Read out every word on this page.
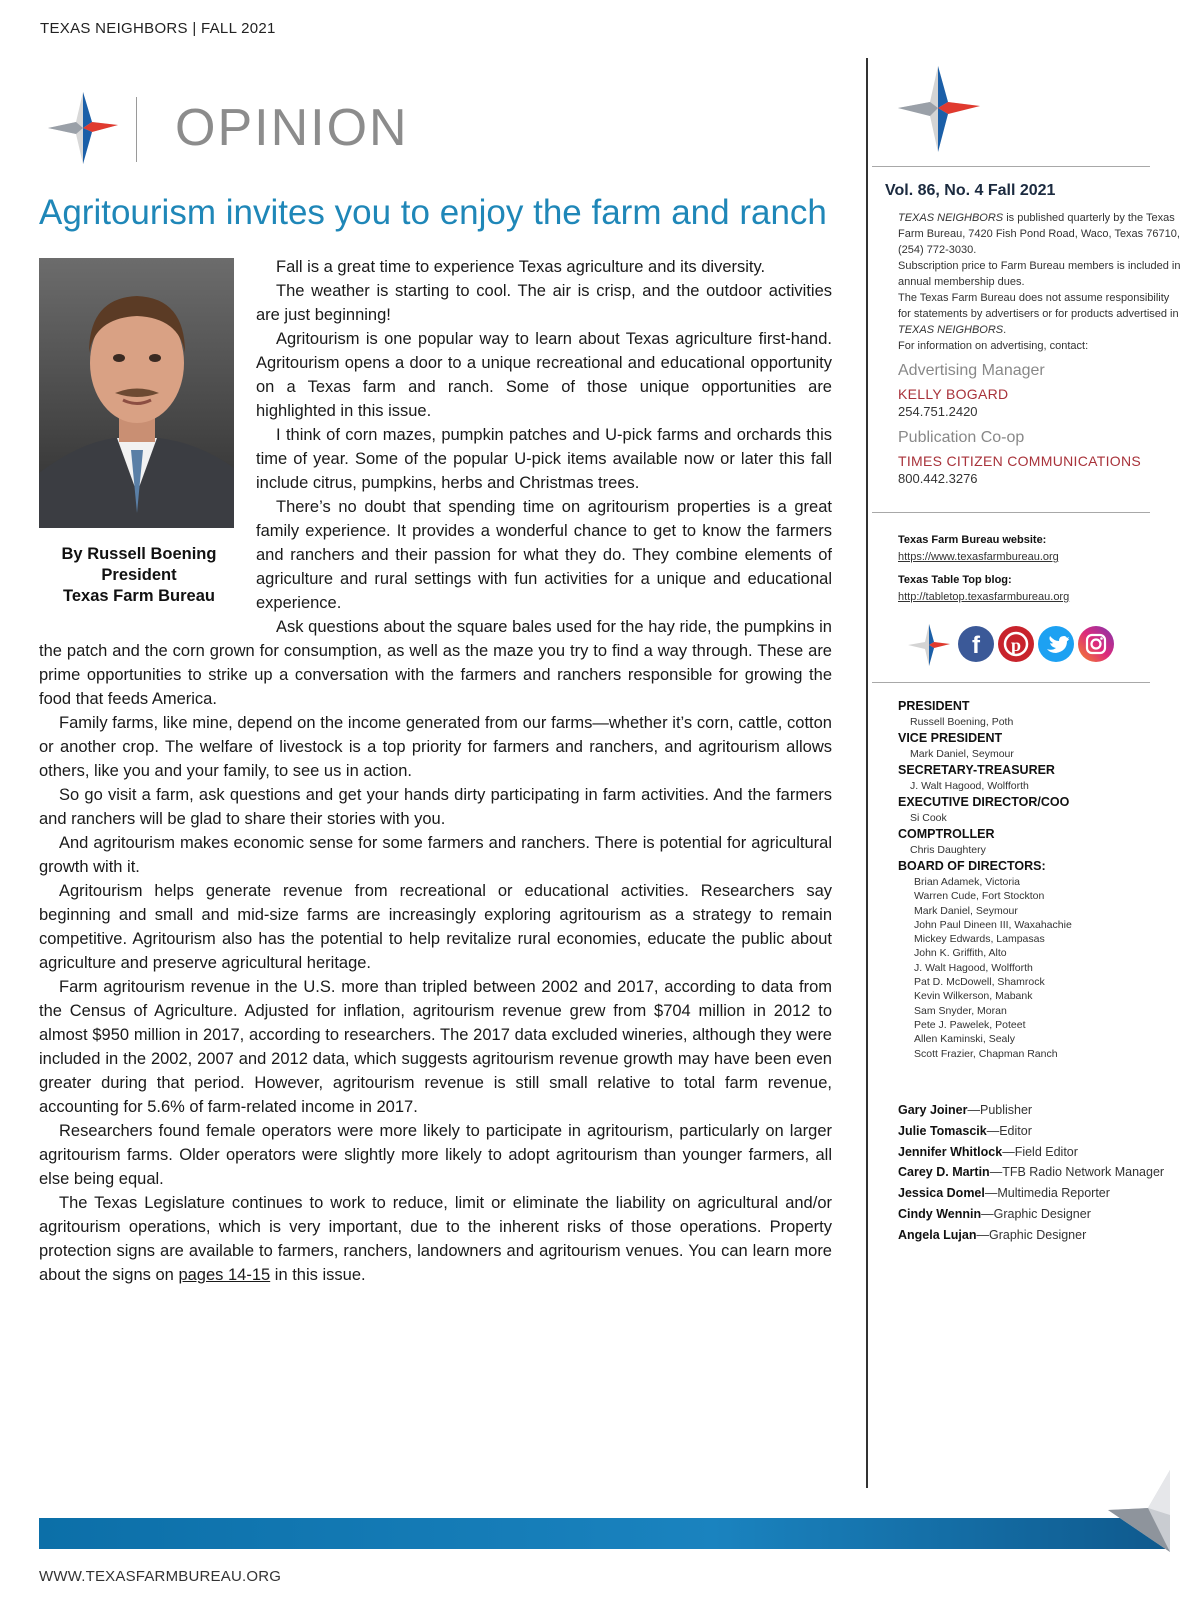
TEXAS NEIGHBORS | FALL 2021
OPINION
Agritourism invites you to enjoy the farm and ranch
By Russell Boening
President
Texas Farm Bureau

Fall is a great time to experience Texas agriculture and its diversity.

The weather is starting to cool. The air is crisp, and the outdoor activities are just beginning!

Agritourism is one popular way to learn about Texas agriculture first-hand. Agritourism opens a door to a unique recreational and educational opportunity on a Texas farm and ranch. Some of those unique opportunities are highlighted in this issue.

I think of corn mazes, pumpkin patches and U-pick farms and orchards this time of year. Some of the popular U-pick items available now or later this fall include citrus, pumpkins, herbs and Christmas trees.

There’s no doubt that spending time on agritourism properties is a great family experience. It provides a wonderful chance to get to know the farmers and ranchers and their passion for what they do. They combine elements of agriculture and rural settings with fun activities for a unique and educational experience.

Ask questions about the square bales used for the hay ride, the pumpkins in the patch and the corn grown for consumption, as well as the maze you try to find a way through. These are prime opportunities to strike up a conversation with the farmers and ranchers responsible for growing the food that feeds America.

Family farms, like mine, depend on the income generated from our farms—whether it’s corn, cattle, cotton or another crop. The welfare of livestock is a top priority for farmers and ranchers, and agritourism allows others, like you and your family, to see us in action.

So go visit a farm, ask questions and get your hands dirty participating in farm activities. And the farmers and ranchers will be glad to share their stories with you.

And agritourism makes economic sense for some farmers and ranchers. There is potential for agricultural growth with it.

Agritourism helps generate revenue from recreational or educational activities. Researchers say beginning and small and mid-size farms are increasingly exploring agritourism as a strategy to remain competitive. Agritourism also has the potential to help revitalize rural economies, educate the public about agriculture and preserve agricultural heritage.

Farm agritourism revenue in the U.S. more than tripled between 2002 and 2017, according to data from the Census of Agriculture. Adjusted for inflation, agritourism revenue grew from $704 million in 2012 to almost $950 million in 2017, according to researchers. The 2017 data excluded wineries, although they were included in the 2002, 2007 and 2012 data, which suggests agritourism revenue growth may have been even greater during that period. However, agritourism revenue is still small relative to total farm revenue, accounting for 5.6% of farm-related income in 2017.

Researchers found female operators were more likely to participate in agritourism, particularly on larger agritourism farms. Older operators were slightly more likely to adopt agritourism than younger farmers, all else being equal.

The Texas Legislature continues to work to reduce, limit or eliminate the liability on agricultural and/or agritourism operations, which is very important, due to the inherent risks of those operations. Property protection signs are available to farmers, ranchers, landowners and agritourism venues. You can learn more about the signs on pages 14-15 in this issue.

Vol. 86, No. 4 Fall 2021
TEXAS NEIGHBORS is published quarterly by the Texas Farm Bureau, 7420 Fish Pond Road, Waco, Texas 76710, (254) 772-3030.
Subscription price to Farm Bureau members is included in annual membership dues.
The Texas Farm Bureau does not assume responsibility for statements by advertisers or for products advertised in TEXAS NEIGHBORS.
For information on advertising, contact:
Advertising Manager
KELLY BOGARD
254.751.2420
Publication Co-op
TIMES CITIZEN COMMUNICATIONS
800.442.3276
Texas Farm Bureau website:
https://www.texasfarmbureau.org
Texas Table Top blog:
http://tabletop.texasfarmbureau.org
f p
PRESIDENT
Russell Boening, Poth
VICE PRESIDENT
Mark Daniel, Seymour
SECRETARY-TREASURER
J. Walt Hagood, Wolfforth
EXECUTIVE DIRECTOR/COO
Si Cook
COMPTROLLER
Chris Daughtery
BOARD OF DIRECTORS:
Brian Adamek, Victoria
Warren Cude, Fort Stockton
Mark Daniel, Seymour
John Paul Dineen III, Waxahachie
Mickey Edwards, Lampasas
John K. Griffith, Alto
J. Walt Hagood, Wolfforth
Pat D. McDowell, Shamrock
Kevin Wilkerson, Mabank
Sam Snyder, Moran
Pete J. Pawelek, Poteet
Allen Kaminski, Sealy
Scott Frazier, Chapman Ranch
Gary Joiner—Publisher
Julie Tomascik—Editor
Jennifer Whitlock—Field Editor
Carey D. Martin—TFB Radio Network Manager
Jessica Domel—Multimedia Reporter
Cindy Wennin—Graphic Designer
Angela Lujan—Graphic Designer
WWW.TEXASFARMBUREAU.ORG
